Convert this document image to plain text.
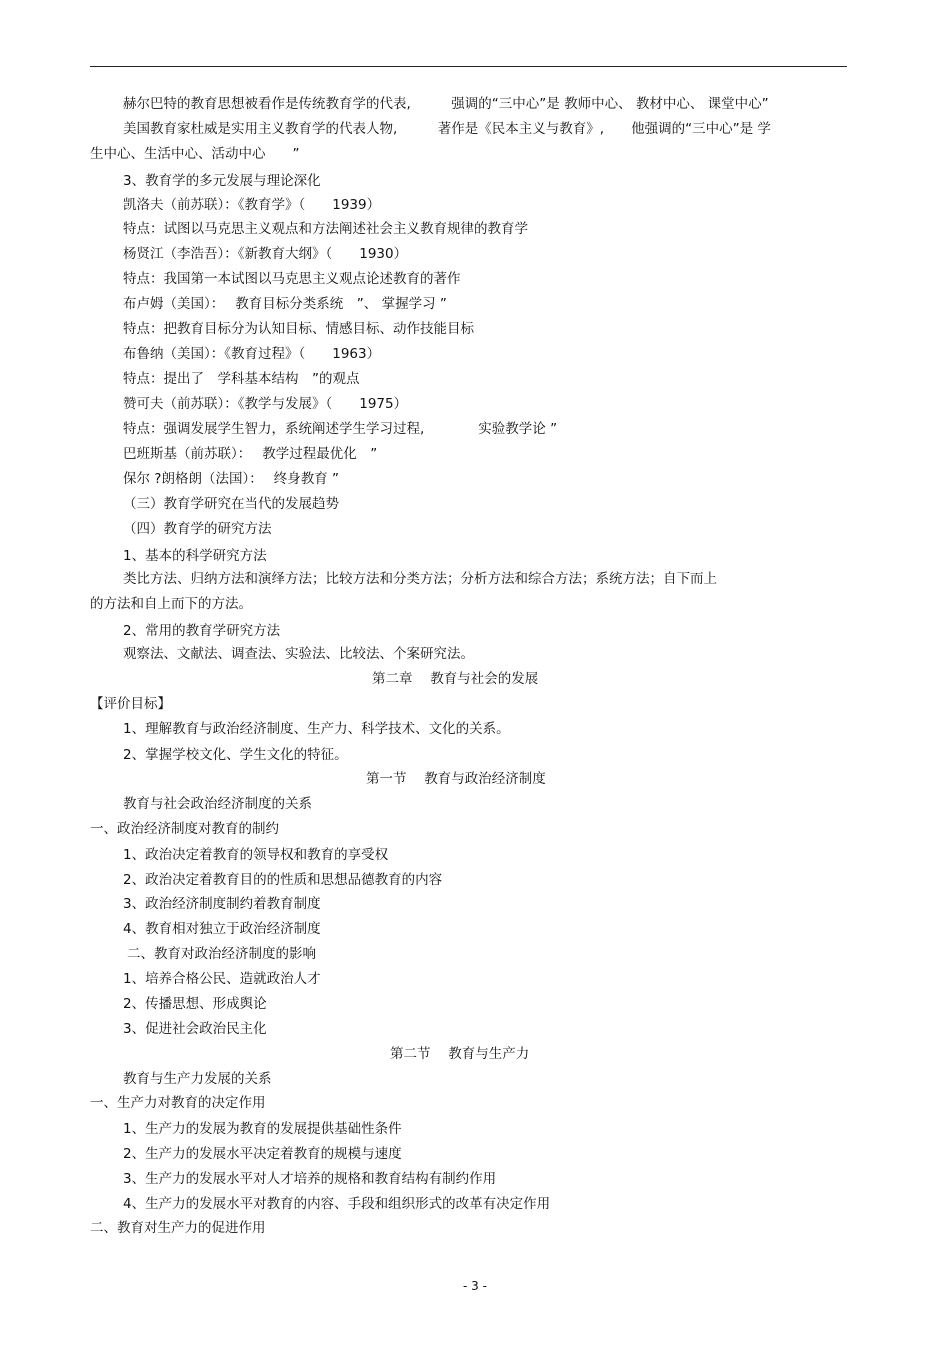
赫尔巴特的教育思想被看作是传统教育学的代表,　　　强调的“三中心”是 教师中心、 教材中心、 课堂中心”
美国教育家杜威是实用主义教育学的代表人物,　　　著作是《民本主义与教育》,　　他强调的“三中心”是 学
生中心、生活中心、活动中心　　”
3、教育学的多元发展与理论深化
凯洛夫（前苏联）：《教育学》（　　1939）
特点：试图以马克思主义观点和方法阐述社会主义教育规律的教育学
杨贤江（李浩吾）：《新教育大纲》（　　1930）
特点：我国第一本试图以马克思主义观点论述教育的著作
布卢姆（美国）：　 教育目标分类系统　”、 掌握学习 ”
特点：把教育目标分为认知目标、情感目标、动作技能目标
布鲁纳（美国）：《教育过程》（　　1963）
特点：提出了　学科基本结构　”的观点
赞可夫（前苏联）：《教学与发展》（　　1975）
特点：强调发展学生智力，系统阐述学生学习过程,　　　　实验教学论 ”
巴班斯基（前苏联）：　 教学过程最优化　”
保尔 ?朗格朗（法国）：　 终身教育 ”
（三）教育学研究在当代的发展趋势
（四）教育学的研究方法
1、基本的科学研究方法
类比方法、归纳方法和演绎方法；比较方法和分类方法；分析方法和综合方法；系统方法；自下而上
的方法和自上而下的方法。
2、常用的教育学研究方法
观察法、文献法、调查法、实验法、比较法、个案研究法。
第二章　 教育与社会的发展
【评价目标】
1、理解教育与政治经济制度、生产力、科学技术、文化的关系。
2、掌握学校文化、学生文化的特征。
第一节　 教育与政治经济制度
教育与社会政治经济制度的关系
一、政治经济制度对教育的制约
1、政治决定着教育的领导权和教育的享受权
2、政治决定着教育目的的性质和思想品德教育的内容
3、政治经济制度制约着教育制度
4、教育相对独立于政治经济制度
二、教育对政治经济制度的影响
1、培养合格公民、造就政治人才
2、传播思想、形成舆论
3、促进社会政治民主化
第二节　 教育与生产力
教育与生产力发展的关系
一、生产力对教育的决定作用
1、生产力的发展为教育的发展提供基础性条件
2、生产力的发展水平决定着教育的规模与速度
3、生产力的发展水平对人才培养的规格和教育结构有制约作用
4、生产力的发展水平对教育的内容、手段和组织形式的改革有决定作用
二、教育对生产力的促进作用
- 3 -
